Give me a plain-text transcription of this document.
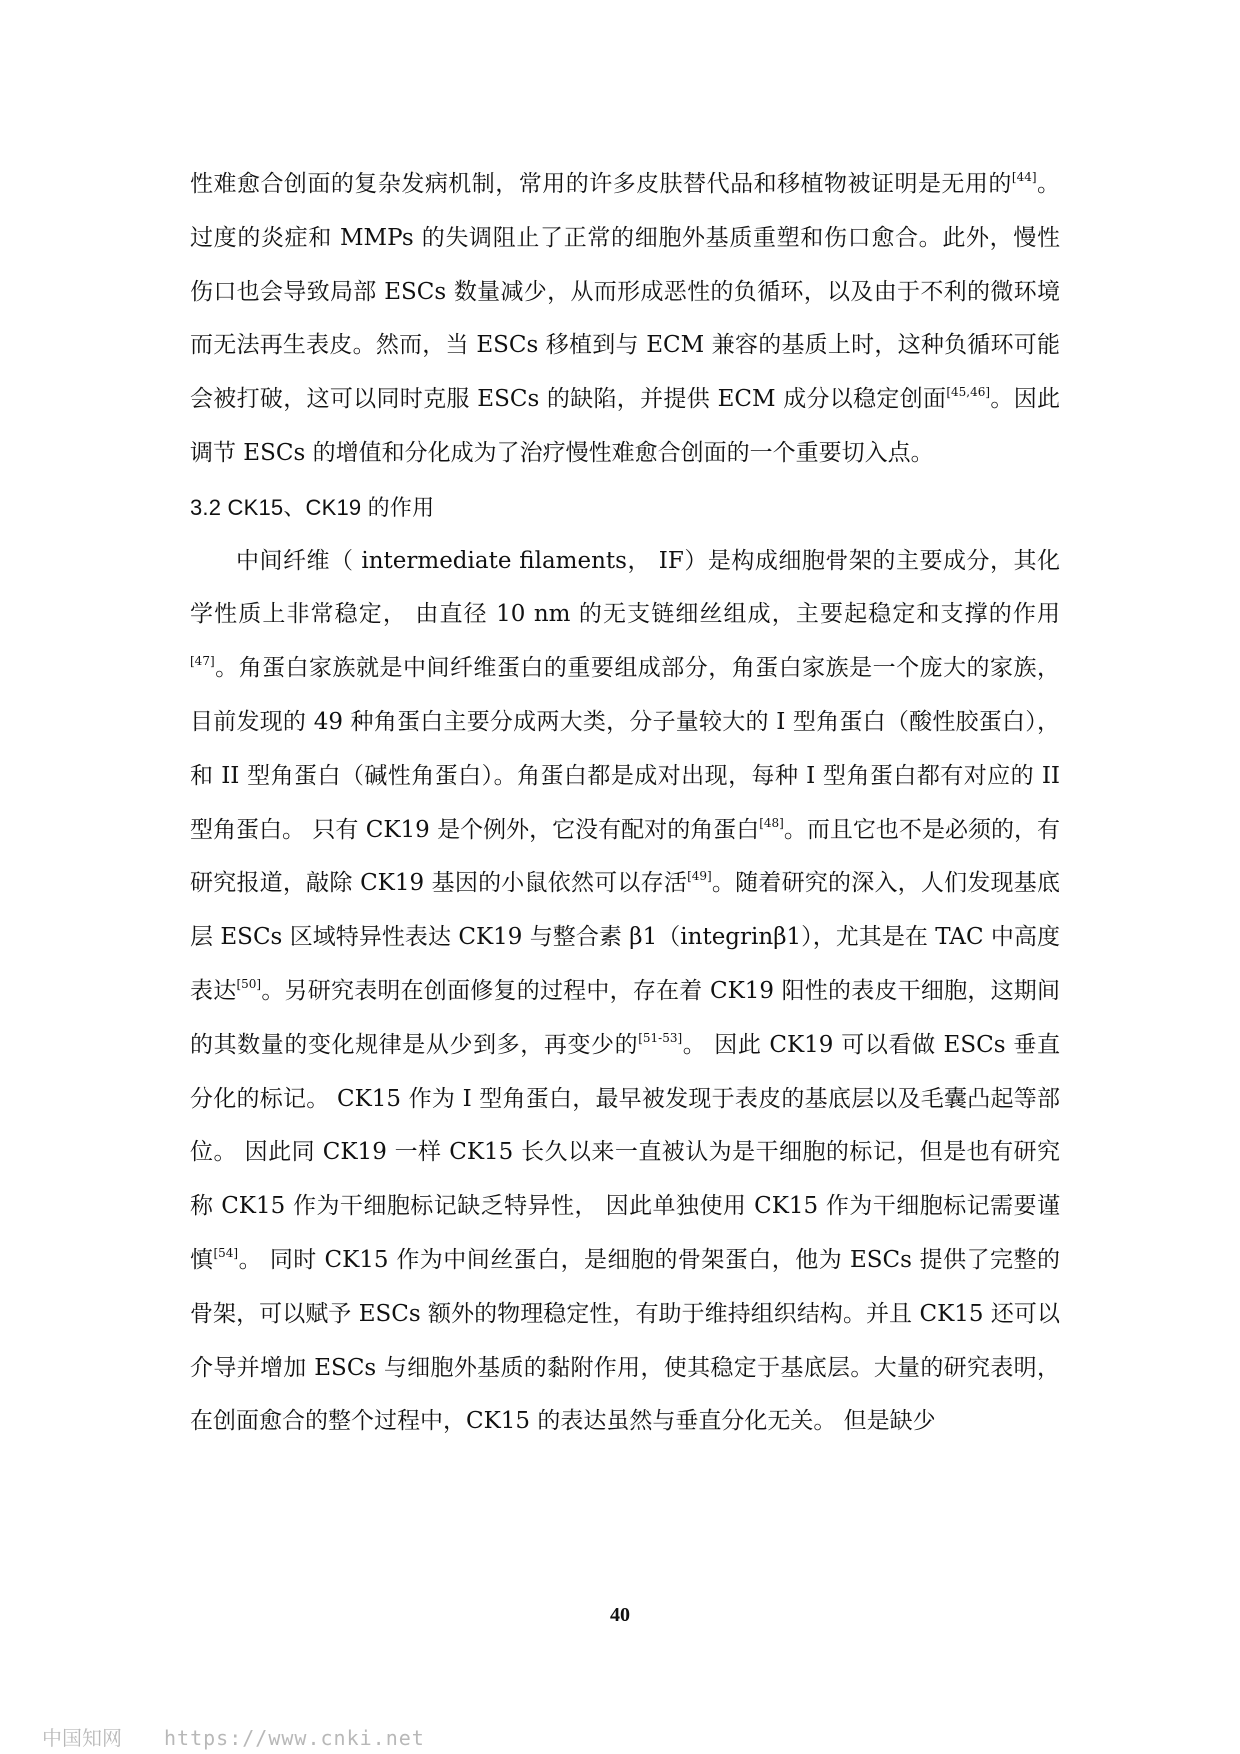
性难愈合创面的复杂发病机制，常用的许多皮肤替代品和移植物被证明是无用的[44]。过度的炎症和 MMPs 的失调阻止了正常的细胞外基质重塑和伤口愈合。此外，慢性伤口也会导致局部 ESCs 数量减少，从而形成恶性的负循环，以及由于不利的微环境而无法再生表皮。然而，当 ESCs 移植到与 ECM 兼容的基质上时，这种负循环可能会被打破，这可以同时克服 ESCs 的缺陷，并提供 ECM 成分以稳定创面[45,46]。因此调节 ESCs 的增值和分化成为了治疗慢性难愈合创面的一个重要切入点。

3.2 CK15、CK19 的作用

中间纤维（ intermediate filaments， IF）是构成细胞骨架的主要成分，其化学性质上非常稳定， 由直径 10 nm 的无支链细丝组成，主要起稳定和支撑的作用[47]。角蛋白家族就是中间纤维蛋白的重要组成部分，角蛋白家族是一个庞大的家族，目前发现的 49 种角蛋白主要分成两大类，分子量较大的 I 型角蛋白（酸性胶蛋白），和 II 型角蛋白（碱性角蛋白）。角蛋白都是成对出现，每种 I 型角蛋白都有对应的 II 型角蛋白。 只有 CK19 是个例外，它没有配对的角蛋白[48]。而且它也不是必须的，有研究报道，敲除 CK19 基因的小鼠依然可以存活[49]。随着研究的深入，人们发现基底层 ESCs 区域特异性表达 CK19 与整合素 β1（integrinβ1），尤其是在 TAC 中高度表达[50]。另研究表明在创面修复的过程中，存在着 CK19 阳性的表皮干细胞，这期间的其数量的变化规律是从少到多，再变少的[51-53]。 因此 CK19 可以看做 ESCs 垂直分化的标记。 CK15 作为 I 型角蛋白，最早被发现于表皮的基底层以及毛囊凸起等部位。 因此同 CK19 一样 CK15 长久以来一直被认为是干细胞的标记，但是也有研究称 CK15 作为干细胞标记缺乏特异性， 因此单独使用 CK15 作为干细胞标记需要谨慎[54]。 同时 CK15 作为中间丝蛋白，是细胞的骨架蛋白，他为 ESCs 提供了完整的骨架，可以赋予 ESCs 额外的物理稳定性，有助于维持组织结构。并且 CK15 还可以介导并增加 ESCs 与细胞外基质的黏附作用，使其稳定于基底层。大量的研究表明，在创面愈合的整个过程中，CK15 的表达虽然与垂直分化无关。 但是缺少

40
中国知网 https://www.cnki.net
